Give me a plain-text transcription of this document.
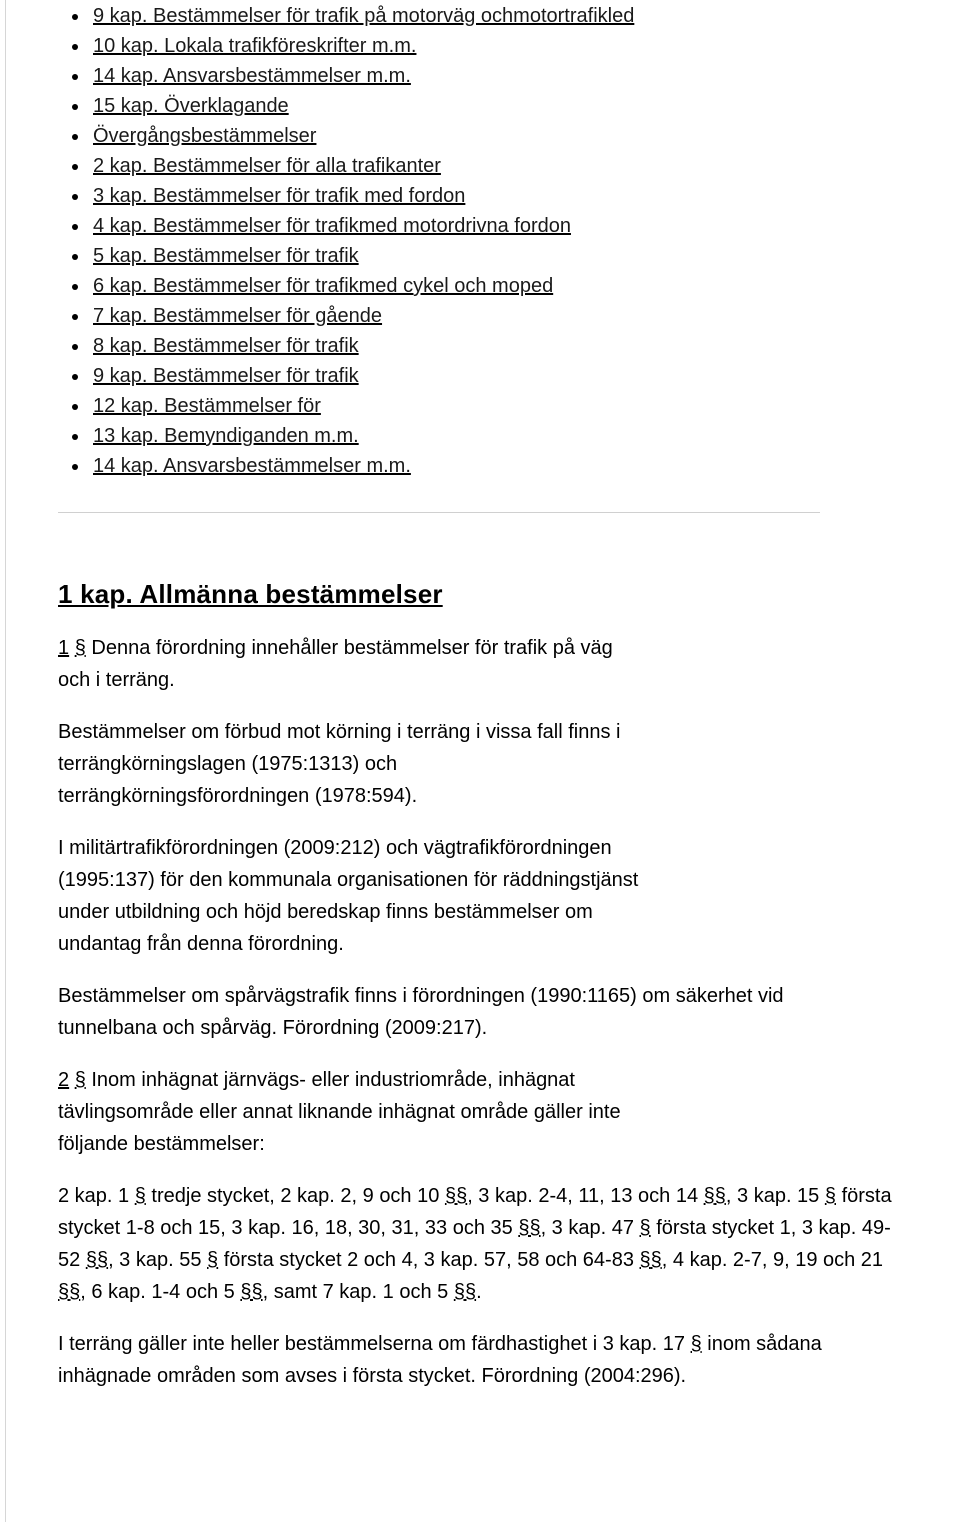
9 kap. Bestämmelser för trafik på motorväg ochmotortrafikled
10 kap. Lokala trafikföreskrifter m.m.
14 kap. Ansvarsbestämmelser m.m.
15 kap. Överklagande
Övergångsbestämmelser
2 kap. Bestämmelser för alla trafikanter
3 kap. Bestämmelser för trafik med fordon
4 kap. Bestämmelser för trafikmed motordrivna fordon
5 kap. Bestämmelser för trafik
6 kap. Bestämmelser för trafikmed cykel och moped
7 kap. Bestämmelser för gående
8 kap. Bestämmelser för trafik
9 kap. Bestämmelser för trafik
12 kap. Bestämmelser för
13 kap. Bemyndiganden m.m.
14 kap. Ansvarsbestämmelser m.m.
1 kap. Allmänna bestämmelser

1 § Denna förordning innehåller bestämmelser för trafik på väg och i terräng.

Bestämmelser om förbud mot körning i terräng i vissa fall finns i terrängkörningslagen (1975:1313) och terrängkörningsförordningen (1978:594).

I militärtrafikförordningen (2009:212) och vägtrafikförordningen (1995:137) för den kommunala organisationen för räddningstjänst under utbildning och höjd beredskap finns bestämmelser om undantag från denna förordning.

Bestämmelser om spårvägstrafik finns i förordningen (1990:1165) om säkerhet vid tunnelbana och spårväg. Förordning (2009:217).

2 § Inom inhägnat järnvägs- eller industriområde, inhägnat tävlingsområde eller annat liknande inhägnat område gäller inte följande bestämmelser:

2 kap. 1 § tredje stycket, 2 kap. 2, 9 och 10 §§, 3 kap. 2-4, 11, 13 och 14 §§, 3 kap. 15 § första stycket 1-8 och 15, 3 kap. 16, 18, 30, 31, 33 och 35 §§, 3 kap. 47 § första stycket 1, 3 kap. 49-52 §§, 3 kap. 55 § första stycket 2 och 4, 3 kap. 57, 58 och 64-83 §§, 4 kap. 2-7, 9, 19 och 21 §§, 6 kap. 1-4 och 5 §§, samt 7 kap. 1 och 5 §§.

I terräng gäller inte heller bestämmelserna om färdhastighet i 3 kap. 17 § inom sådana inhägnade områden som avses i första stycket. Förordning (2004:296).
